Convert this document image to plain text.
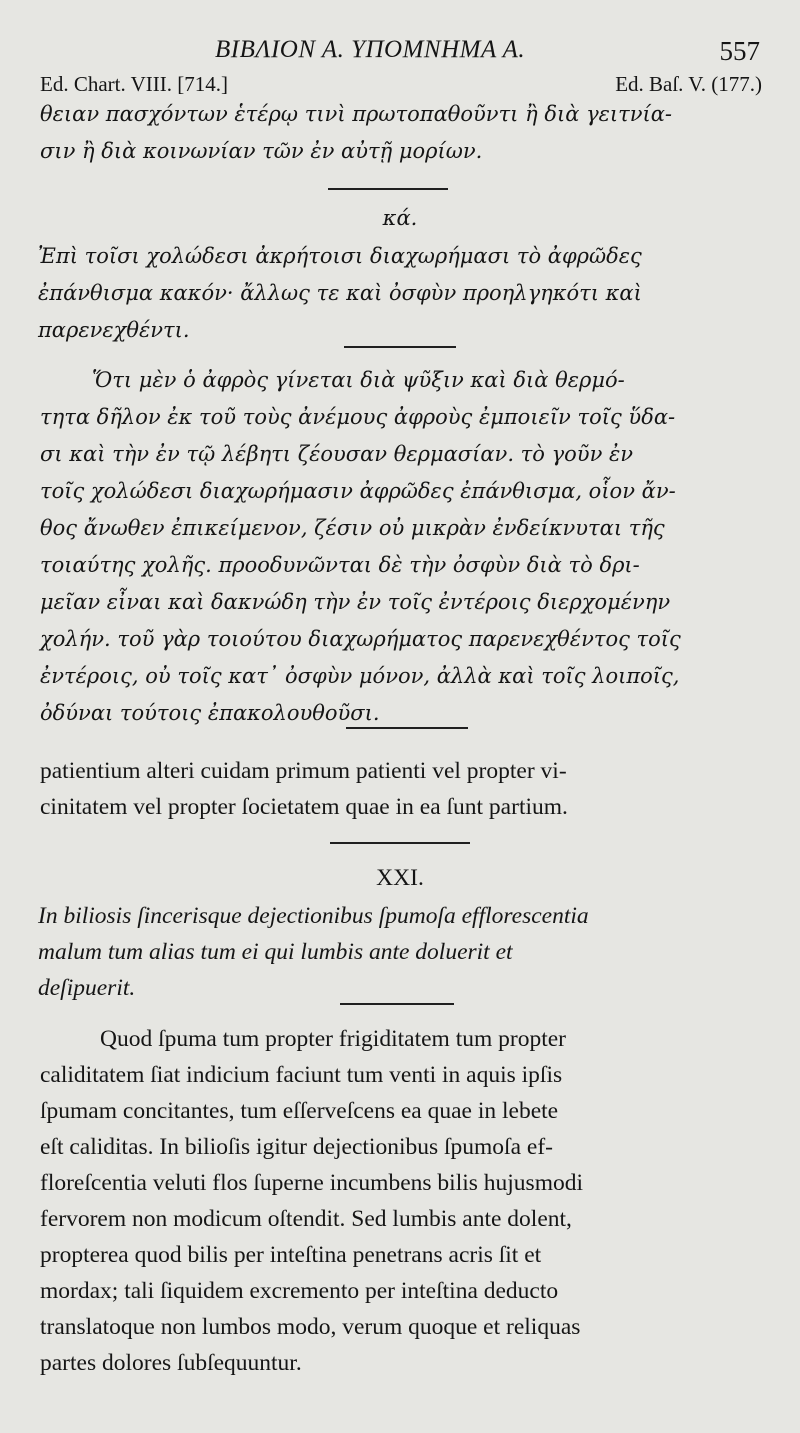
ΒΙΒΛΙΟΝ Α. ΥΠΟΜΝΗΜΑ Α.	557
Ed. Chart. VIII. [714.]	Ed. Baſ. V. (177.)

θειαν πασχόντων ἑτέρῳ τινὶ πρωτοπαθοῦντι ἢ διὰ γειτνία-

σιν ἢ διὰ κοινωνίαν τῶν ἐν αὐτῇ μορίων.

κά.

Ἐπὶ τοῖσι χολώδεσι ἀκρήτοισι διαχωρήμασι τὸ ἀφρῶδες

ἐπάνθισμα κακόν· ἄλλως τε καὶ ὀσφὺν προηλγηκότι καὶ

παρενεχθέντι.

Ὅτι μὲν ὁ ἀφρὸς γίνεται διὰ ψῦξιν καὶ διὰ θερμό-

τητα δῆλον ἐκ τοῦ τοὺς ἀνέμους ἀφροὺς ἐμποιεῖν τοῖς ὕδα-

σι καὶ τὴν ἐν τῷ λέβητι ζέουσαν θερμασίαν. τὸ γοῦν ἐν

τοῖς χολώδεσι διαχωρήμασιν ἀφρῶδες ἐπάνθισμα, οἷον ἄν-

θος ἄνωθεν ἐπικείμενον, ζέσιν οὐ μικρὰν ἐνδείκνυται τῆς

τοιαύτης χολῆς. προοδυνῶνται δὲ τὴν ὀσφὺν διὰ τὸ δρι-

μεῖαν εἶναι καὶ δακνώδη τὴν ἐν τοῖς ἐντέροις διερχομένην

χολήν. τοῦ γὰρ τοιούτου διαχωρήματος παρενεχθέντος τοῖς

ἐντέροις, οὐ τοῖς κατ᾽ ὀσφὺν μόνον, ἀλλὰ καὶ τοῖς λοιποῖς,

ὀδύναι τούτοις ἐπακολουθοῦσι.

patientium alteri cuidam primum patienti vel propter vi-

cinitatem vel propter ſocietatem quae in ea ſunt partium.

XXI.

In biliosis ſincerisque dejectionibus ſpumoſa efflorescentia

malum tum alias tum ei qui lumbis ante doluerit et

deſipuerit.

Quod ſpuma tum propter frigiditatem tum propter

caliditatem ſiat indicium faciunt tum venti in aquis ipſis

ſpumam concitantes, tum eſſerveſcens ea quae in lebete

eſt caliditas. In bilioſis igitur dejectionibus ſpumoſa ef-

floreſcentia veluti flos ſuperne incumbens bilis hujusmodi

fervorem non modicum oſtendit. Sed lumbis ante dolent,

propterea quod bilis per inteſtina penetrans acris ſit et

mordax; tali ſiquidem excremento per inteſtina deducto

translatoque non lumbos modo, verum quoque et reliquas

partes dolores ſubſequuntur.
